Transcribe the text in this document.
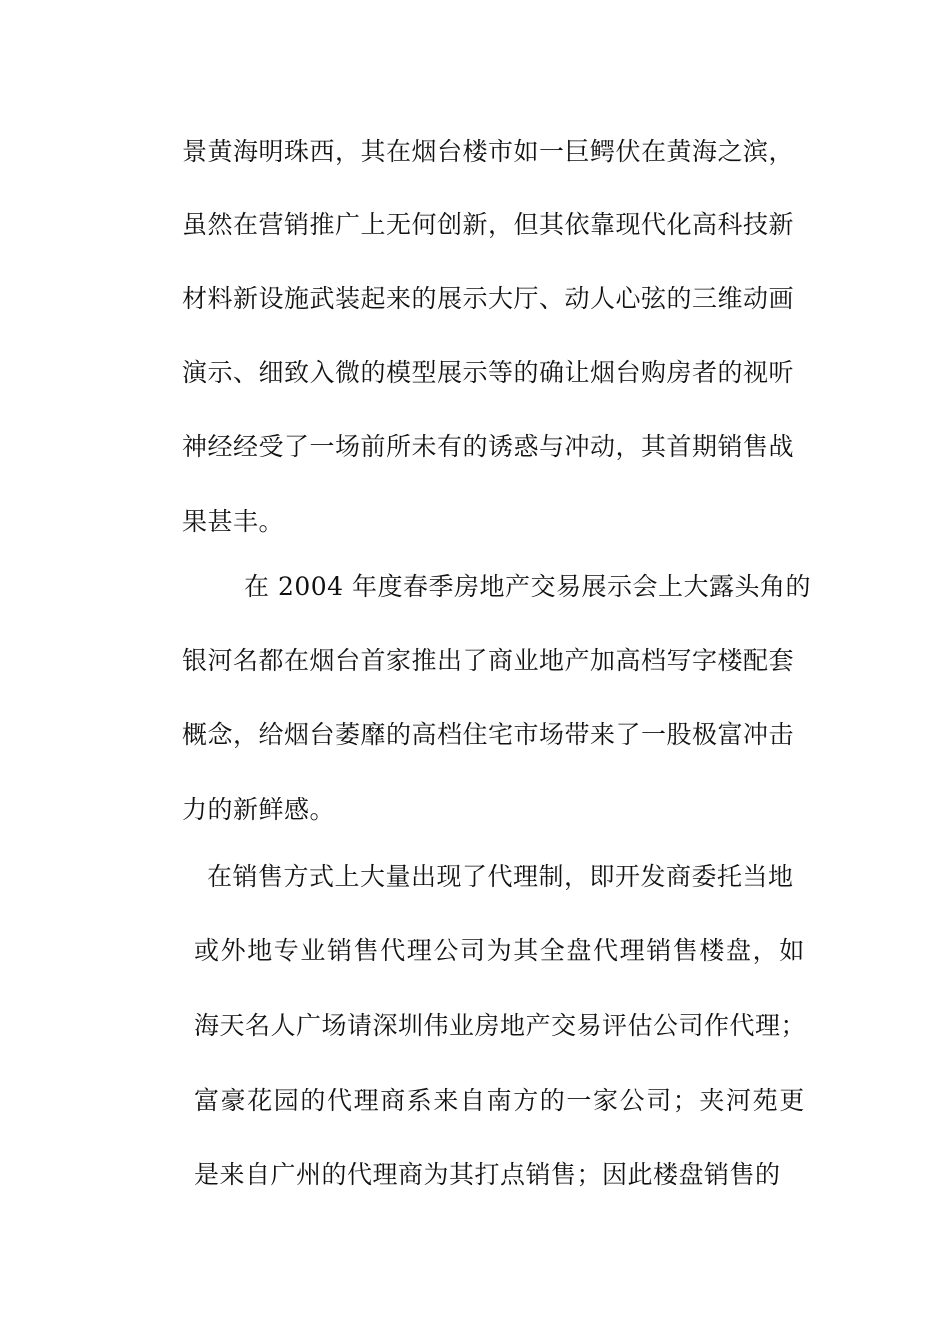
景黄海明珠西，其在烟台楼市如一巨鳄伏在黄海之滨，
虽然在营销推广上无何创新，但其依靠现代化高科技新
材料新设施武装起来的展示大厅、动人心弦的三维动画
演示、细致入微的模型展示等的确让烟台购房者的视听
神经经受了一场前所未有的诱惑与冲动，其首期销售战
果甚丰。
在 2004 年度春季房地产交易展示会上大露头角的
银河名都在烟台首家推出了商业地产加高档写字楼配套
概念，给烟台萎靡的高档住宅市场带来了一股极富冲击
力的新鲜感。
在销售方式上大量出现了代理制，即开发商委托当地
或外地专业销售代理公司为其全盘代理销售楼盘，如
海天名人广场请深圳伟业房地产交易评估公司作代理；
富豪花园的代理商系来自南方的一家公司；夹河苑更
是来自广州的代理商为其打点销售；因此楼盘销售的
